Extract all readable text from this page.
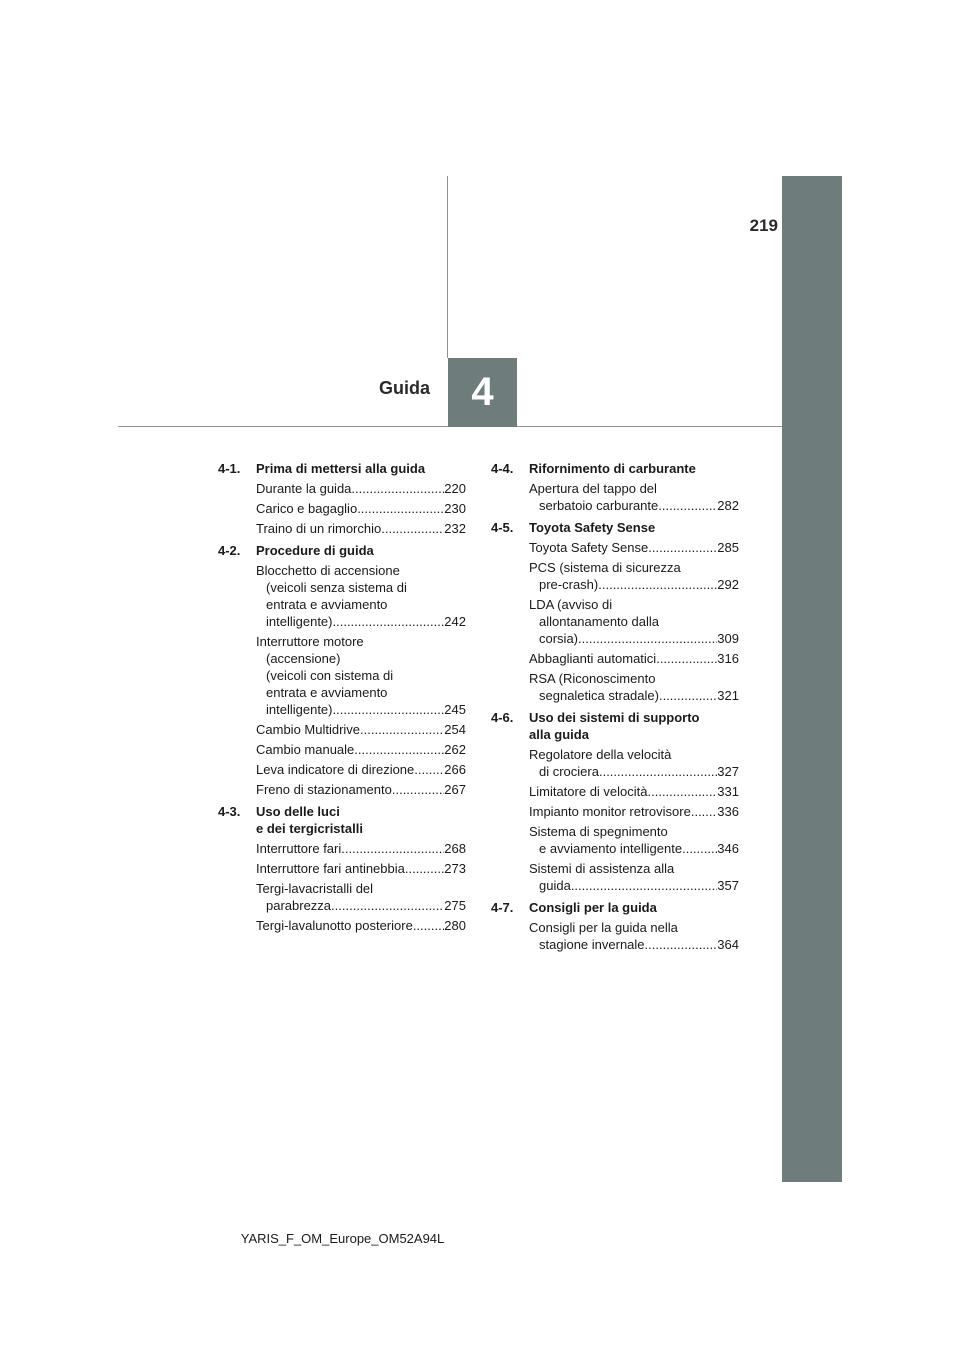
219
4
Guida
4-1.	Prima di mettersi alla guida
Durante la guida .....	220
Carico e bagaglio .....	230
Traino di un rimorchio .....	232
4-2.	Procedure di guida
Blocchetto di accensione
(veicoli senza sistema di
entrata e avviamento
intelligente) .....	242
Interruttore motore
(accensione)
(veicoli con sistema di
entrata e avviamento
intelligente) .....	245
Cambio Multidrive .....	254
Cambio manuale .....	262
Leva indicatore di direzione ..... 266
Freno di stazionamento .....	267
4-3.	Uso delle luci
e dei tergicristalli
Interruttore fari .....	268
Interruttore fari antinebbia .....	273
Tergi-lavacristalli del
parabrezza .....	275
Tergi-lavalunotto posteriore ..... 280
4-4.	Rifornimento di carburante
Apertura del tappo del
serbatoio carburante .....	282
4-5.	Toyota Safety Sense
Toyota Safety Sense .....	285
PCS (sistema di sicurezza
pre-crash) .....	292
LDA (avviso di
allontanamento dalla
corsia) .....	309
Abbaglianti automatici .....	316
RSA (Riconoscimento
segnaletica stradale) .....	321
4-6.	Uso dei sistemi di supporto
alla guida
Regolatore della velocità
di crociera .....	327
Limitatore di velocità .....	331
Impianto monitor retrovisore ..... 336
Sistema di spegnimento
e avviamento intelligente .....	346
Sistemi di assistenza alla
guida .....	357
4-7.	Consigli per la guida
Consigli per la guida nella
stagione invernale .....	364
YARIS_F_OM_Europe_OM52A94L
